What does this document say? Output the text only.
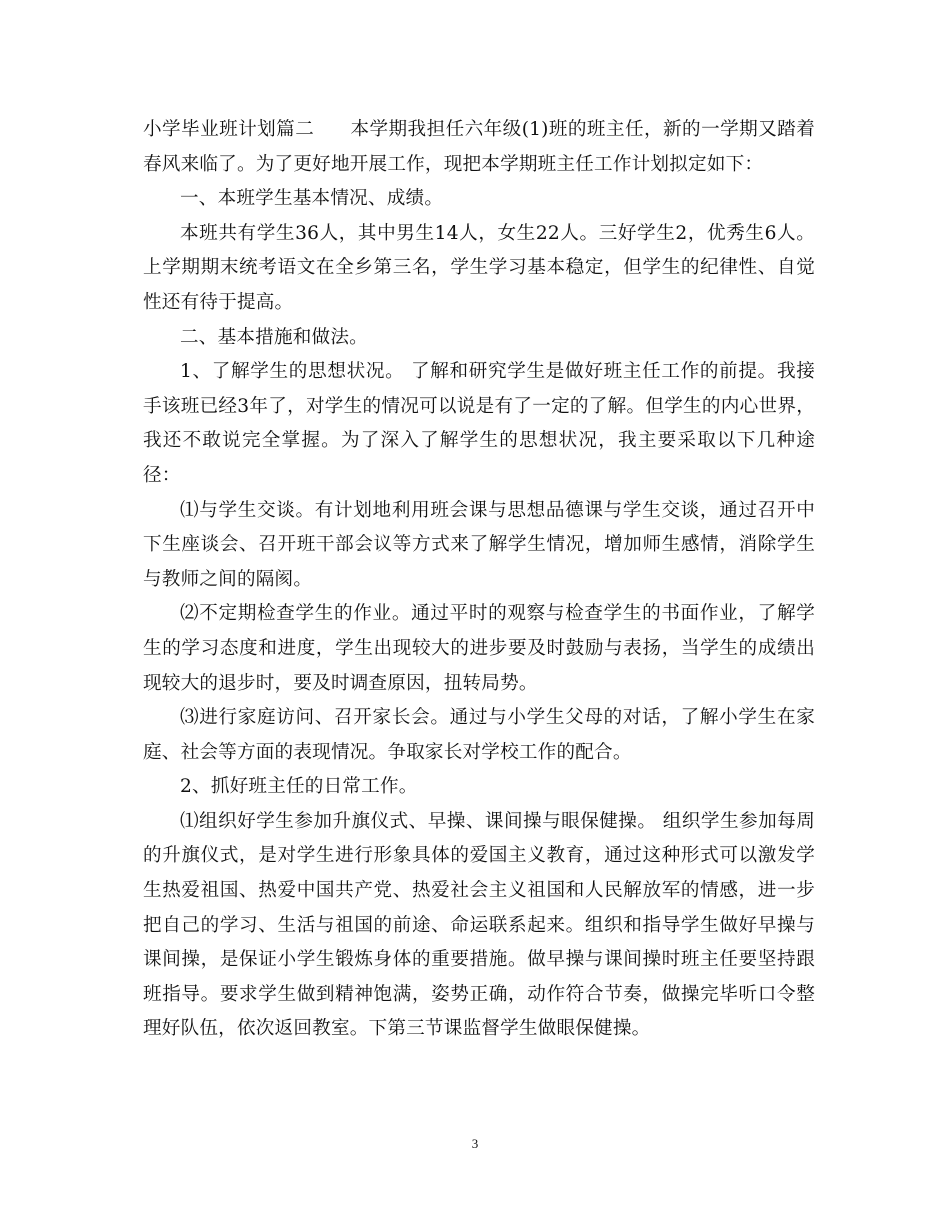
小学毕业班计划篇二 本学期我担任六年级(1)班的班主任，新的一学期又踏着春风来临了。为了更好地开展工作，现把本学期班主任工作计划拟定如下：

一、本班学生基本情况、成绩。

本班共有学生36人，其中男生14人，女生22人。三好学生2，优秀生6人。上学期期末统考语文在全乡第三名，学生学习基本稳定，但学生的纪律性、自觉性还有待于提高。

二、基本措施和做法。

1、了解学生的思想状况。 了解和研究学生是做好班主任工作的前提。我接手该班已经3年了，对学生的情况可以说是有了一定的了解。但学生的内心世界，我还不敢说完全掌握。为了深入了解学生的思想状况，我主要采取以下几种途径：

⑴与学生交谈。有计划地利用班会课与思想品德课与学生交谈，通过召开中下生座谈会、召开班干部会议等方式来了解学生情况，增加师生感情，消除学生与教师之间的隔阂。

⑵不定期检查学生的作业。通过平时的观察与检查学生的书面作业，了解学生的学习态度和进度，学生出现较大的进步要及时鼓励与表扬，当学生的成绩出现较大的退步时，要及时调查原因，扭转局势。

⑶进行家庭访问、召开家长会。通过与小学生父母的对话，了解小学生在家庭、社会等方面的表现情况。争取家长对学校工作的配合。

2、抓好班主任的日常工作。

⑴组织好学生参加升旗仪式、早操、课间操与眼保健操。 组织学生参加每周的升旗仪式，是对学生进行形象具体的爱国主义教育，通过这种形式可以激发学生热爱祖国、热爱中国共产党、热爱社会主义祖国和人民解放军的情感，进一步把自己的学习、生活与祖国的前途、命运联系起来。组织和指导学生做好早操与课间操，是保证小学生锻炼身体的重要措施。做早操与课间操时班主任要坚持跟班指导。要求学生做到精神饱满，姿势正确，动作符合节奏，做操完毕听口令整理好队伍，依次返回教室。下第三节课监督学生做眼保健操。

3
